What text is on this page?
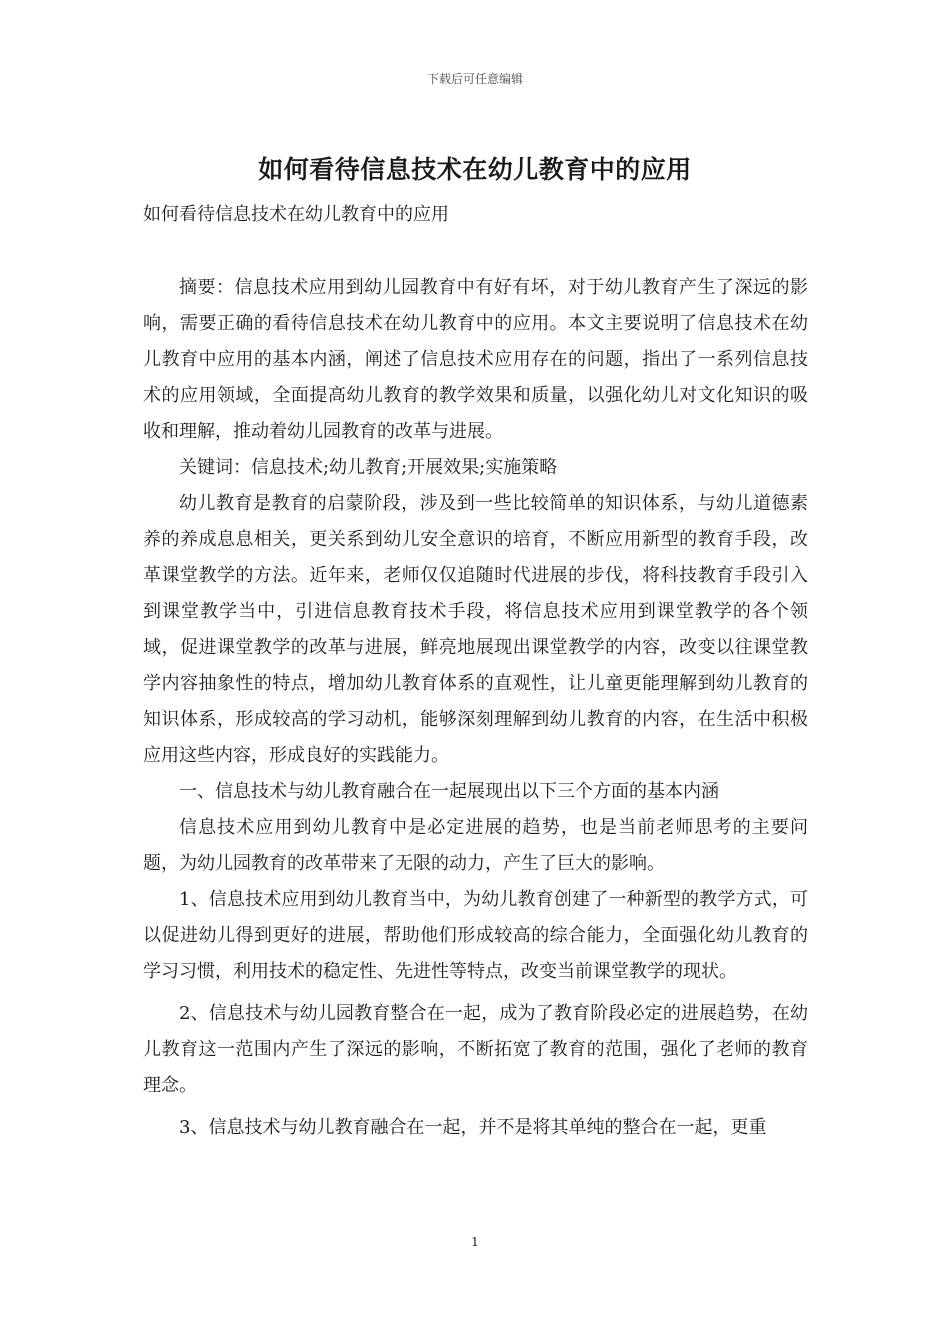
下载后可任意编辑
如何看待信息技术在幼儿教育中的应用
如何看待信息技术在幼儿教育中的应用

摘要：信息技术应用到幼儿园教育中有好有坏，对于幼儿教育产生了深远的影响，需要正确的看待信息技术在幼儿教育中的应用。本文主要说明了信息技术在幼儿教育中应用的基本内涵，阐述了信息技术应用存在的问题，指出了一系列信息技术的应用领域，全面提高幼儿教育的教学效果和质量，以强化幼儿对文化知识的吸收和理解，推动着幼儿园教育的改革与进展。

关键词：信息技术;幼儿教育;开展效果;实施策略

幼儿教育是教育的启蒙阶段，涉及到一些比较简单的知识体系，与幼儿道德素养的养成息息相关，更关系到幼儿安全意识的培育，不断应用新型的教育手段，改革课堂教学的方法。近年来，老师仅仅追随时代进展的步伐，将科技教育手段引入到课堂教学当中，引进信息教育技术手段，将信息技术应用到课堂教学的各个领域，促进课堂教学的改革与进展，鲜亮地展现出课堂教学的内容，改变以往课堂教学内容抽象性的特点，增加幼儿教育体系的直观性，让儿童更能理解到幼儿教育的知识体系，形成较高的学习动机，能够深刻理解到幼儿教育的内容，在生活中积极应用这些内容，形成良好的实践能力。

一、信息技术与幼儿教育融合在一起展现出以下三个方面的基本内涵

信息技术应用到幼儿教育中是必定进展的趋势，也是当前老师思考的主要问题，为幼儿园教育的改革带来了无限的动力，产生了巨大的影响。

1、信息技术应用到幼儿教育当中，为幼儿教育创建了一种新型的教学方式，可以促进幼儿得到更好的进展，帮助他们形成较高的综合能力，全面强化幼儿教育的学习习惯，利用技术的稳定性、先进性等特点，改变当前课堂教学的现状。

2、信息技术与幼儿园教育整合在一起，成为了教育阶段必定的进展趋势，在幼儿教育这一范围内产生了深远的影响，不断拓宽了教育的范围，强化了老师的教育理念。

3、信息技术与幼儿教育融合在一起，并不是将其单纯的整合在一起，更重

1
